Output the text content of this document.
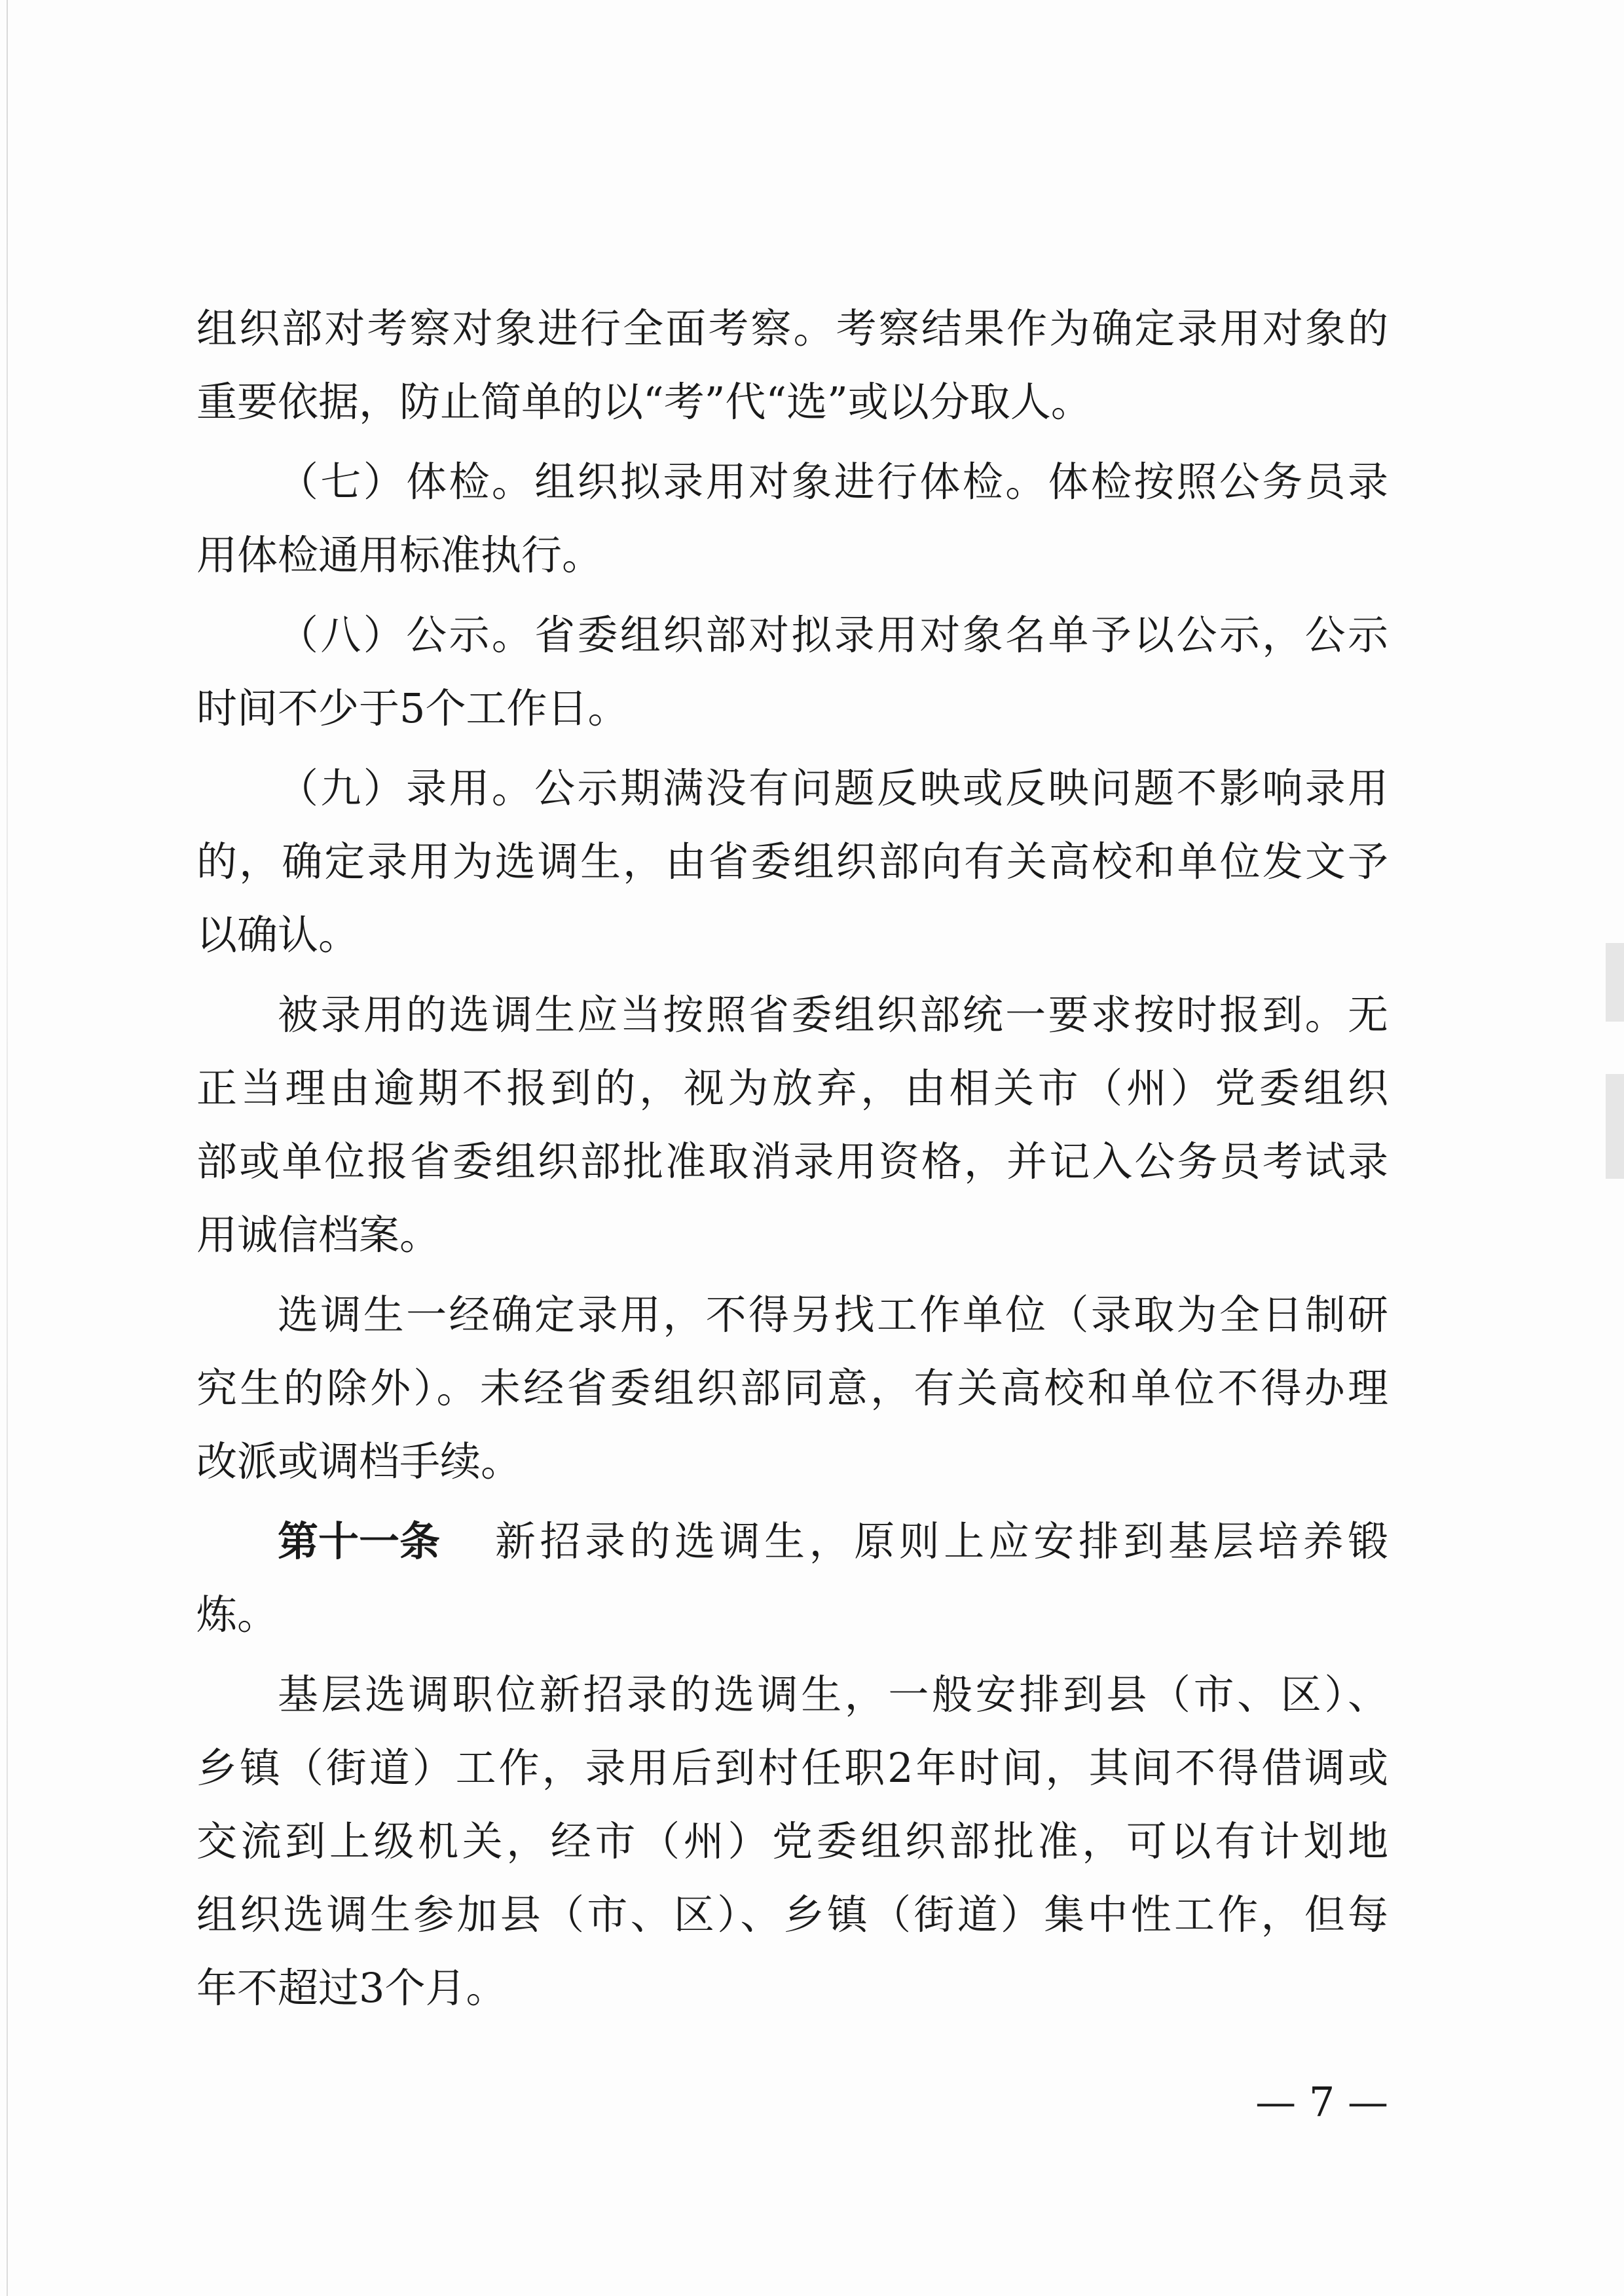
组织部对考察对象进行全面考察。考察结果作为确定录用对象的

重要依据，防止简单的以“考”代“选”或以分取人。

（七）体检。组织拟录用对象进行体检。体检按照公务员录

用体检通用标准执行。

（八）公示。省委组织部对拟录用对象名单予以公示，公示

时间不少于5个工作日。

（九）录用。公示期满没有问题反映或反映问题不影响录用

的，确定录用为选调生，由省委组织部向有关高校和单位发文予

以确认。

被录用的选调生应当按照省委组织部统一要求按时报到。无

正当理由逾期不报到的，视为放弃，由相关市（州）党委组织

部或单位报省委组织部批准取消录用资格，并记入公务员考试录

用诚信档案。

选调生一经确定录用，不得另找工作单位（录取为全日制研

究生的除外）。未经省委组织部同意，有关高校和单位不得办理

改派或调档手续。

第十一条	新招录的选调生，原则上应安排到基层培养锻

炼。

基层选调职位新招录的选调生，一般安排到县（市、区）、

乡镇（街道）工作，录用后到村任职2年时间，其间不得借调或

交流到上级机关，经市（州）党委组织部批准，可以有计划地

组织选调生参加县（市、区）、乡镇（街道）集中性工作，但每

年不超过3个月。

— 7 —
